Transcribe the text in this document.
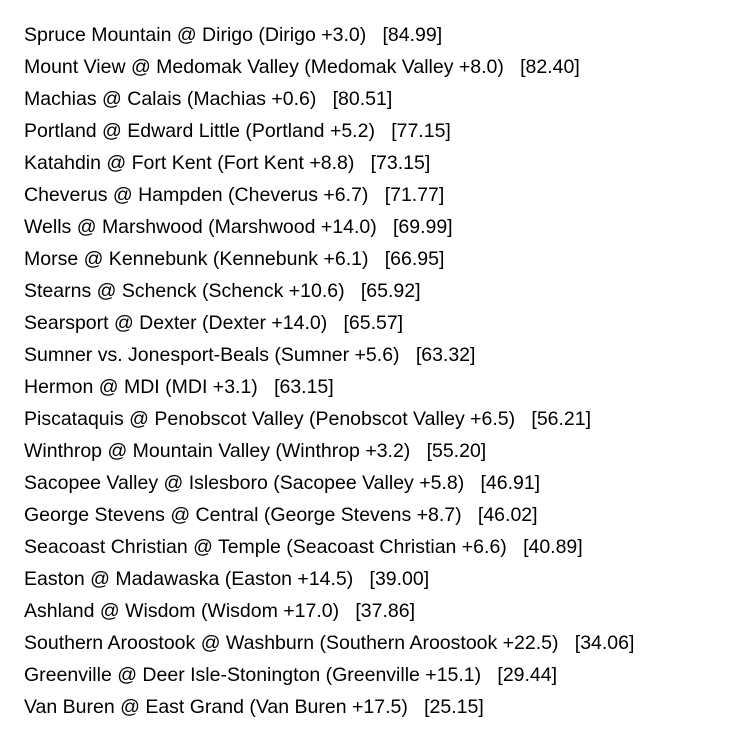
Spruce Mountain @ Dirigo (Dirigo +3.0) [84.99]
Mount View @ Medomak Valley (Medomak Valley +8.0) [82.40]
Machias @ Calais (Machias +0.6) [80.51]
Portland @ Edward Little (Portland +5.2) [77.15]
Katahdin @ Fort Kent (Fort Kent +8.8) [73.15]
Cheverus @ Hampden (Cheverus +6.7) [71.77]
Wells @ Marshwood (Marshwood +14.0) [69.99]
Morse @ Kennebunk (Kennebunk +6.1) [66.95]
Stearns @ Schenck (Schenck +10.6) [65.92]
Searsport @ Dexter (Dexter +14.0) [65.57]
Sumner vs. Jonesport-Beals (Sumner +5.6) [63.32]
Hermon @ MDI (MDI +3.1) [63.15]
Piscataquis @ Penobscot Valley (Penobscot Valley +6.5) [56.21]
Winthrop @ Mountain Valley (Winthrop +3.2) [55.20]
Sacopee Valley @ Islesboro (Sacopee Valley +5.8) [46.91]
George Stevens @ Central (George Stevens +8.7) [46.02]
Seacoast Christian @ Temple (Seacoast Christian +6.6) [40.89]
Easton @ Madawaska (Easton +14.5) [39.00]
Ashland @ Wisdom (Wisdom +17.0) [37.86]
Southern Aroostook @ Washburn (Southern Aroostook +22.5) [34.06]
Greenville @ Deer Isle-Stonington (Greenville +15.1) [29.44]
Van Buren @ East Grand (Van Buren +17.5) [25.15]
